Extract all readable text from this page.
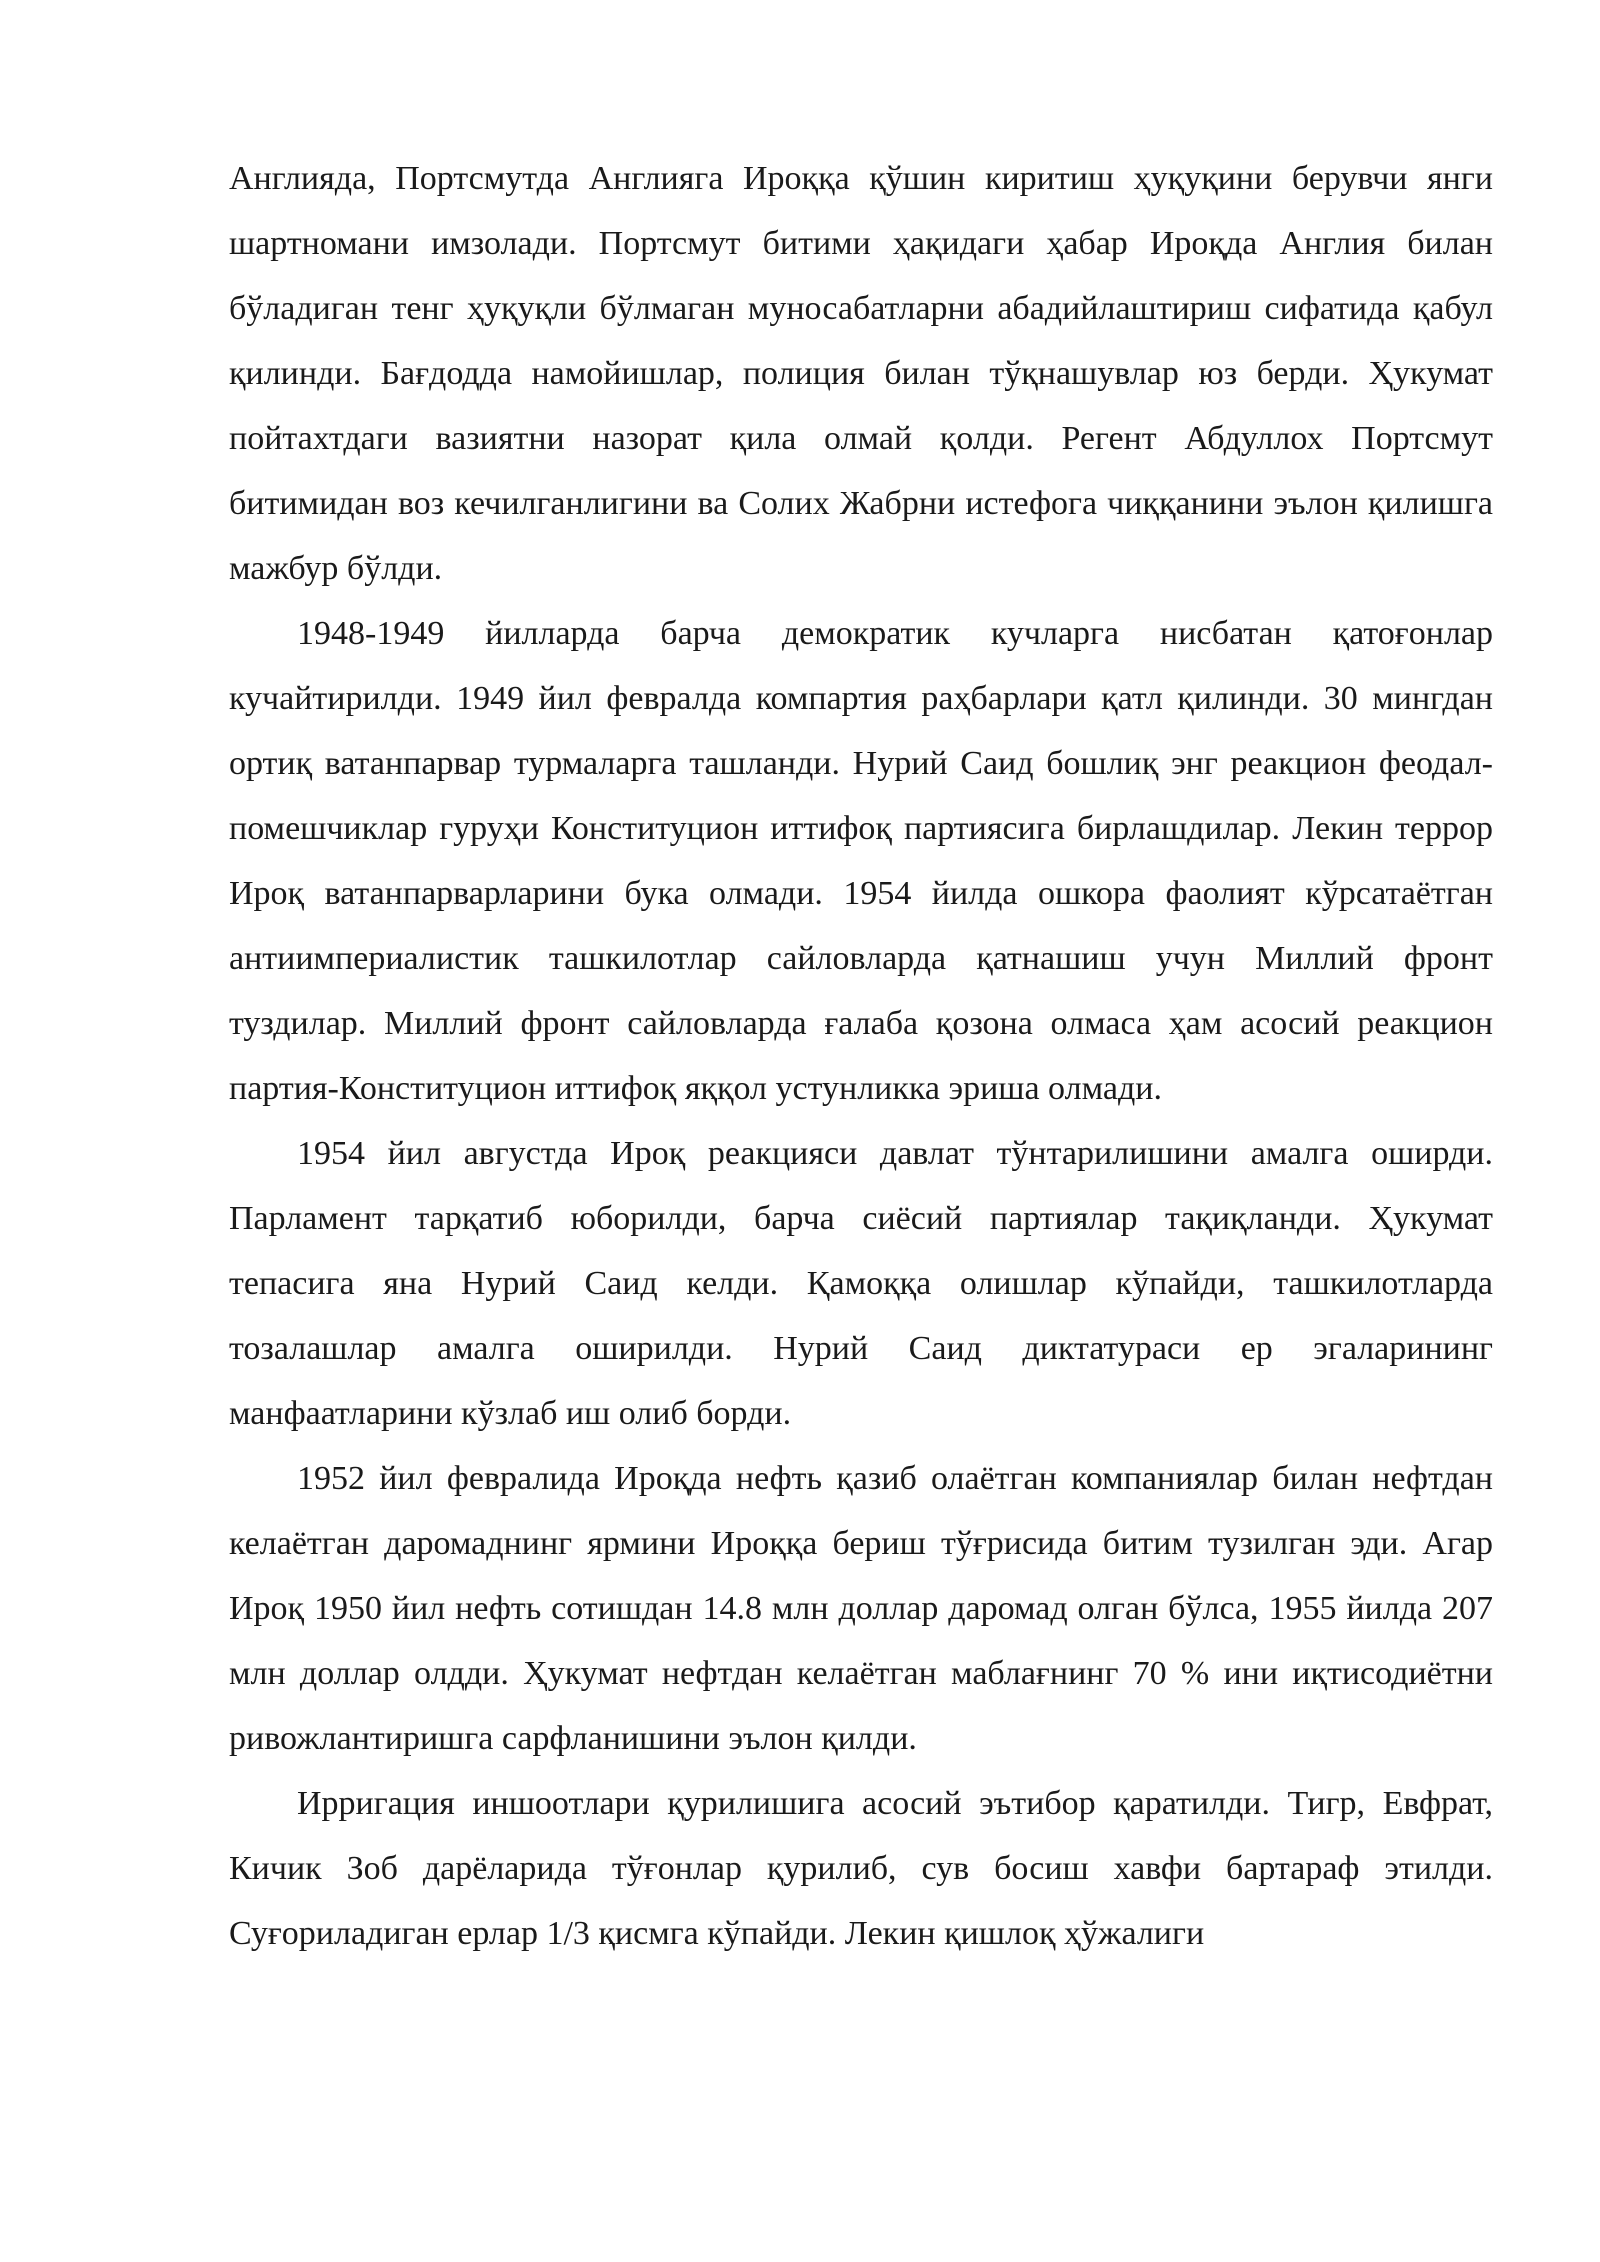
Англияда, Портсмутда Англияга Ироққа қўшин киритиш ҳуқуқини берувчи янги шартномани имзолади. Портсмут битими ҳақидаги ҳабар Ироқда Англия билан бўладиган тенг ҳуқуқли бўлмаган муносабатларни абадийлаштириш сифатида қабул қилинди. Бағдодда намойишлар, полиция билан тўқнашувлар юз берди. Ҳукумат пойтахтдаги вазиятни назорат қила олмай қолди. Регент Абдуллох Портсмут битимидан воз кечилганлигини ва Солих Жабрни истефога чиққанини эълон қилишга мажбур бўлди.

1948-1949 йилларда барча демократик кучларга нисбатан қатоғонлар кучайтирилди. 1949 йил февралда компартия раҳбарлари қатл қилинди. 30 мингдан ортиқ ватанпарвар турмаларга ташланди. Нурий Саид бошлиқ энг реакцион феодал-помешчиклар гуруҳи Конституцион иттифоқ партиясига бирлашдилар. Лекин террор Ироқ ватанпарварларини бука олмади. 1954 йилда ошкора фаолият кўрсатаётган антиимпериалистик ташкилотлар сайловларда қатнашиш учун Миллий фронт туздилар. Миллий фронт сайловларда ғалаба қозона олмаса ҳам асосий реакцион партия-Конституцион иттифоқ яққол устунликка эриша олмади.

1954 йил августда Ироқ реакцияси давлат тўнтарилишини амалга оширди. Парламент тарқатиб юборилди, барча сиёсий партиялар тақиқланди. Ҳукумат тепасига яна Нурий Саид келди. Қамоққа олишлар кўпайди, ташкилотларда тозалашлар амалга оширилди. Нурий Саид диктатураси ер эгаларининг манфаатларини кўзлаб иш олиб борди.

1952 йил февралида Ироқда нефть қазиб олаётган компаниялар билан нефтдан келаётган даромаднинг ярмини Ироққа бериш тўғрисида битим тузилган эди. Агар Ироқ 1950 йил нефть сотишдан 14.8 млн доллар даромад олган бўлса, 1955 йилда 207 млн доллар олдди. Ҳукумат нефтдан келаётган маблағнинг 70 % ини иқтисодиётни ривожлантиришга сарфланишини эълон қилди.

Ирригация иншоотлари қурилишига асосий эътибор қаратилди. Тигр, Евфрат, Кичик Зоб дарёларида тўғонлар қурилиб, сув босиш хавфи бартараф этилди. Суғориладиган ерлар 1/3 қисмга кўпайди. Лекин қишлоқ ҳўжалиги
